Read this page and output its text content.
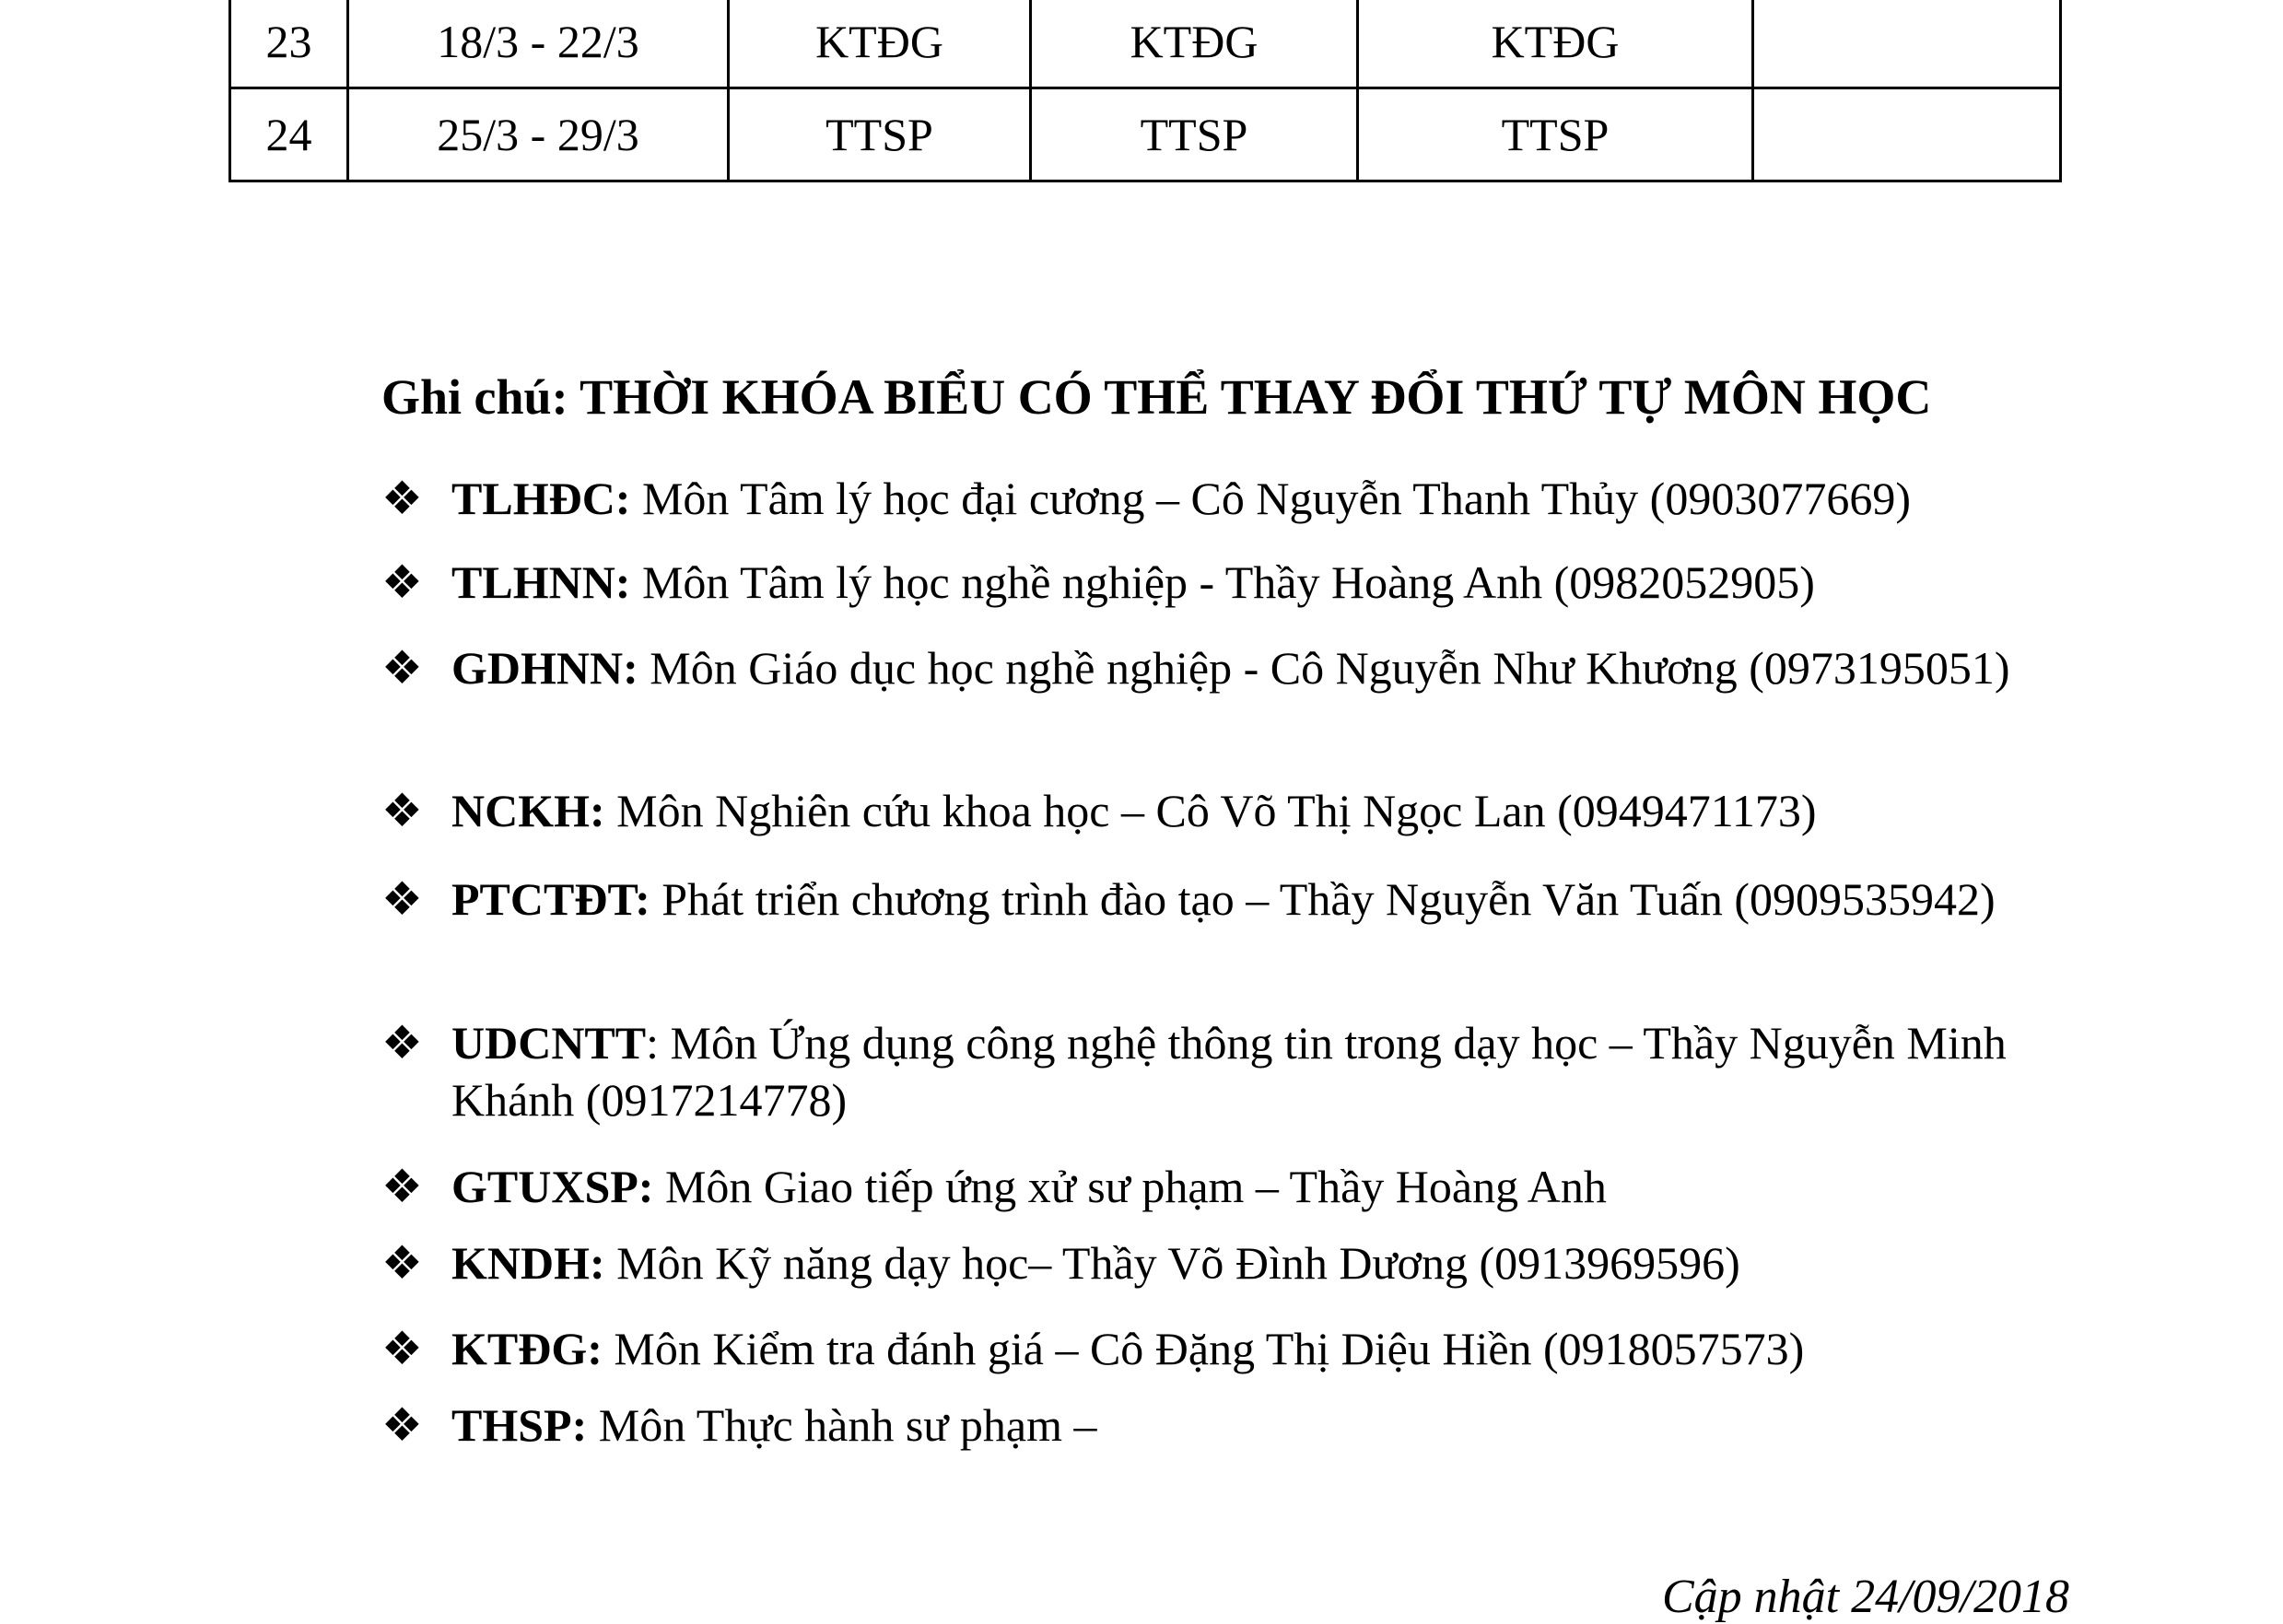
23	18/3 - 22/3	KTĐG	KTĐG	KTĐG	
24	25/3 - 29/3	TTSP	TTSP	TTSP	
Ghi chú: THỜI KHÓA BIỂU CÓ THỂ THAY ĐỔI THỨ TỰ MÔN HỌC
❖ TLHĐC: Môn Tâm lý học đại cương – Cô Nguyễn Thanh Thủy (0903077669)
❖ TLHNN: Môn Tâm lý học nghề nghiệp - Thầy Hoàng Anh (0982052905)
❖ GDHNN: Môn Giáo dục học nghề nghiệp - Cô Nguyễn Như Khương (0973195051)
❖ NCKH: Môn Nghiên cứu khoa học – Cô Võ Thị Ngọc Lan (0949471173)
❖ PTCTĐT: Phát triển chương trình đào tạo – Thầy Nguyễn Văn Tuấn (0909535942)
❖ UDCNTT: Môn Ứng dụng công nghệ thông tin trong dạy học – Thầy Nguyễn Minh Khánh (0917214778)
❖ GTUXSP: Môn Giao tiếp ứng xử sư phạm – Thầy Hoàng Anh
❖ KNDH: Môn Kỹ năng dạy học– Thầy Võ Đình Dương (0913969596)
❖ KTĐG: Môn Kiểm tra đánh giá – Cô Đặng Thị Diệu Hiền (0918057573)
❖ THSP: Môn Thực hành sư phạm –
Cập nhật 24/09/2018
